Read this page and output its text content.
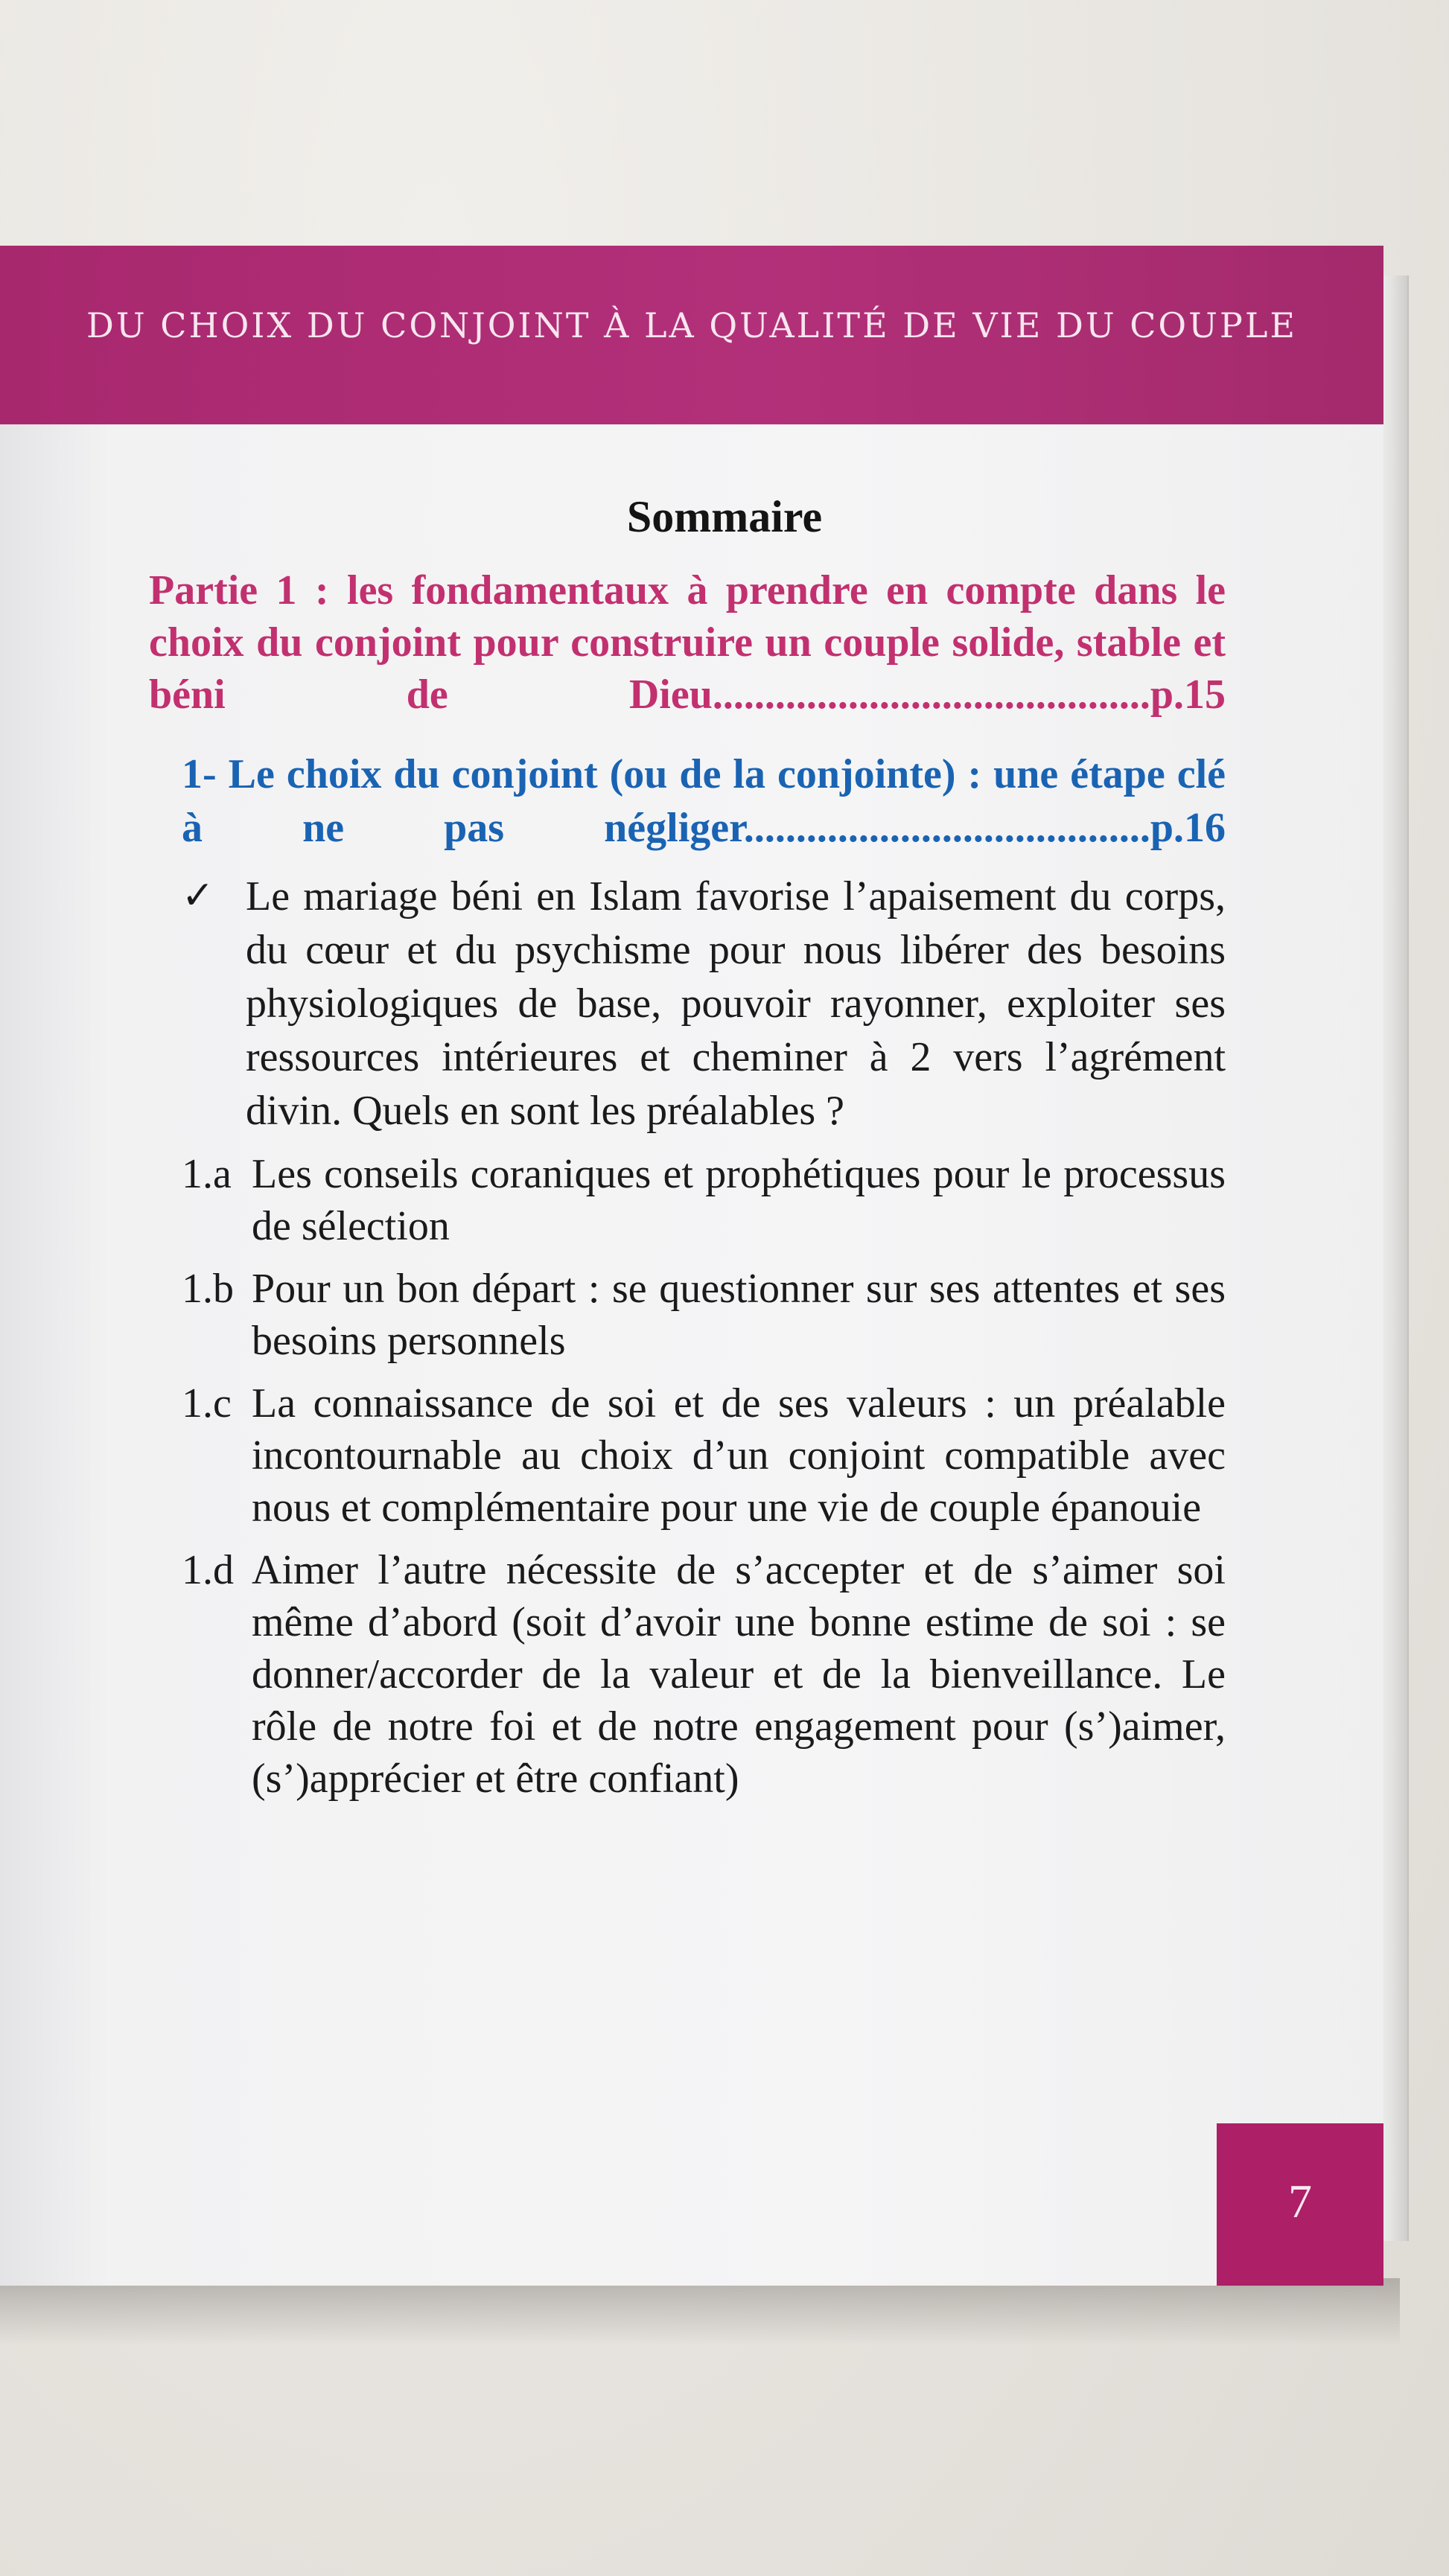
DU CHOIX DU CONJOINT À LA QUALITÉ DE VIE DU COUPLE
Sommaire
Partie 1 : les fondamentaux à prendre en compte dans le choix du conjoint pour construire un couple solide, stable et béni de Dieu..........................................p.15
1- Le choix du conjoint (ou de la conjointe) : une étape clé à ne pas négliger.......................................p.16
✓ Le mariage béni en Islam favorise l’apaisement du corps, du cœur et du psychisme pour nous libérer des besoins physiologiques de base, pouvoir rayonner, exploiter ses ressources intérieures et cheminer à 2 vers l’agrément divin. Quels en sont les préalables ?
1.a Les conseils coraniques et prophétiques pour le processus de sélection
1.b Pour un bon départ : se questionner sur ses attentes et ses besoins personnels
1.c La connaissance de soi et de ses valeurs : un préalable incontournable au choix d’un conjoint compatible avec nous et complémentaire pour une vie de couple épanouie
1.d Aimer l’autre nécessite de s’accepter et de s’aimer soi même d’abord (soit d’avoir une bonne estime de soi : se donner/accorder de la valeur et de la bienveillance. Le rôle de notre foi et de notre engagement pour (s’)aimer, (s’)apprécier et être confiant)
7
